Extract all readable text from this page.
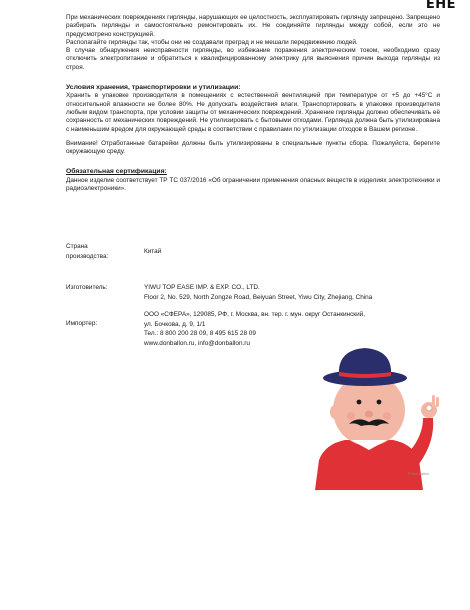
ЕНЕ

При механических повреждениях гирлянды, нарушающих ее целостность, эксплуатировать гирлянду запрещено. Запрещено разбирать гирлянды и самостоятельно ремонтировать их. Не соединяйте гирлянды между собой, если это не предусмотрено конструкцией.

Располагайте гирлянды так, чтобы они не создавали преград и не мешали передвижению людей.

В случае обнаружения неисправности гирлянды, во избежание поражения электрическим током, необходимо сразу отключить электропитание и обратиться к квалифицированному электрику для выяснения причин выхода гирлянды из строя.

Условия хранения, транспортировки и утилизации:

Хранить в упаковке производителя в помещениях с естественной вентиляцией при температуре от +5 до +45°С и относительной влажности не более 80%. Не допускать воздействия влаги. Транспортировать в упаковке производителя любым видом транспорта, при условии защиты от механических повреждений. Хранение гирлянды должно обеспечивать её сохранность от механических повреждений. Не утилизировать с бытовыми отходами. Гирлянда должна быть утилизирована с наименьшим вредом для окружающей среды в соответствии с правилами по утилизации отходов в Вашем регионе.

Внимание! Отработанные батарейки должны быть утилизированы в специальные пункты сбора. Пожалуйста, берегите окружающую среду.

Обязательная сертификация:

Данное изделие соответствует ТР ТС 037/2016 «Об ограничении применения опасных веществ в изделиях электротехники и радиоэлектроники».

Страна
производства:
Китай
Изготовитель:	YIWU TOP EASE IMP. & EXP. CO., LTD.
Floor 2, No. 529, North Zongze Road, Beiyuan Street, Yiwu City, Zhejiang, China
Импортер:
ООО «СФЕРА», 129085, РФ, г. Москва, вн. тер. г. мун. округ Останкинский,
ул. Бочкова, д. 9, 1/1
Тел.: 8 800 200 28 09, 8 495 615 28 09
www.donballon.ru, info@donballon.ru
© Don Ballon
